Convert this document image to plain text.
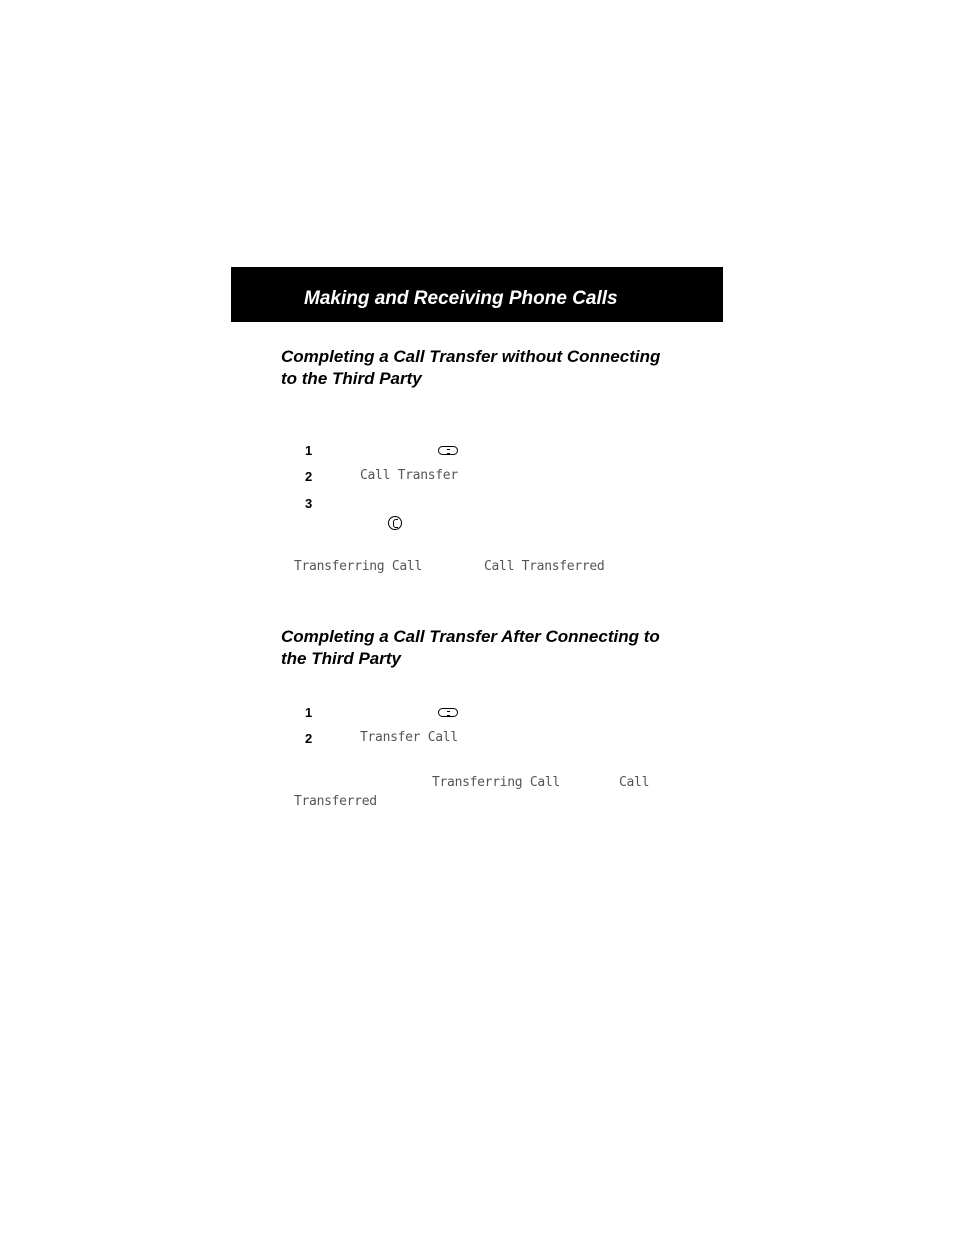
Making and Receiving Phone Calls
Completing a Call Transfer without Connecting to the Third Party
1
2	Call Transfer
3
Transferring Call	Call Transferred
Completing a Call Transfer After Connecting to the Third Party
1
2	Transfer Call
Transferring Call	Call
Transferred
